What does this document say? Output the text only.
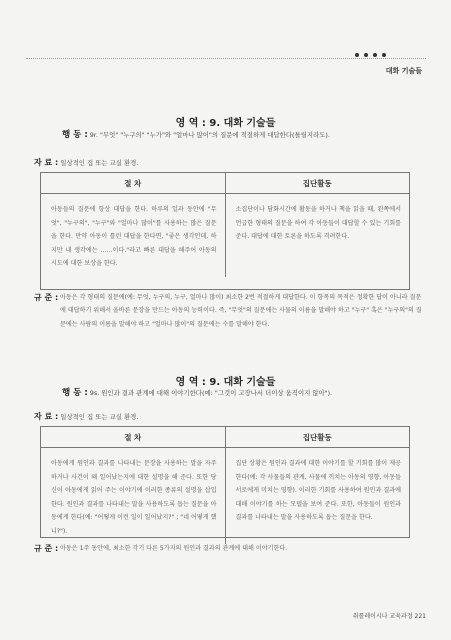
대화 기술들
영 역 : 9. 대화 기술들
행 동 : 9r. "무엇" "누구의" "누가"와 "얼마나 많이"의 질문에 적절하게 대답한다(틀릴지라도).
자 료 : 일상적인 집 또는 교실 환경.
절 차	집단활동
아동들의 질문에 항상 대답을 한다. 하루의 일과 동안에 "무엇", "누구의", "누구"와 "얼마나 많이"를 사용하는 많은 질문을 한다. 만약 아동이 틀린 대답을 한다면, "좋은 생각인데, 하지만 내 생각에는 ……이다."라고 빠른 대답을 해주어 아동의 시도에 대한 보상을 한다.
소집단이나 담화시간에 활동을 하거나 책을 읽을 때, 왼쪽에서 언급한 형태의 질문을 하여 각 아동들이 대답할 수 있는 기회를 준다. 대답에 대한 토론을 하도록 격려한다.
규 준 : 아동은 각 형태의 질문에(예: 무엇, 누구의, 누구, 얼마나 많이) 최소한 2번 적절하게 대답한다. 이 항목의 목적은 정확한 답이 아니라 질문에 대답하기 위해서 올바른 문장을 만드는 아동의 능력이다. 즉, "무엇"의 질문에는 사물의 이름을 말해야 하고 "누구" 혹은 "누구의"의 질문에는 사람의 이름을 말해야 하고 "얼마나 많이"의 질문에는 수를 말해야 한다.
영 역 : 9. 대화 기술들
행 동 : 9s. 원인과 결과 관계에 대해 이야기한다(예: "그것이 고장나서 더이상 움직이지 않아").
자 료 : 일상적인 집 또는 교실 환경.
절 차	집단활동
아동에게 원인과 결과를 나타내는 문장을 사용하는 말을 자주 하거나 사건이 왜 일어났는지에 대한 설명을 해 준다. 또한 당신이 아동에게 읽어 주는 이야기에 이러한 종류의 설명을 삽입한다. 원인과 결과를 나타내는 말을 사용하도록 돕는 질문을 아동에게 한다(예: "어떻게 이런 일이 일어났지?" ; "네 어떻게 했니?").
집단 상황은 원인과 결과에 대한 이야기를 할 기회를 많이 제공한다(예: 각 사물들의 관계, 사물에 끼치는 아동의 영향, 아동들 서로에게 미치는 영향). 이러한 기회를 사용하여 원인과 결과에 대해 이야기를 하는 모델을 보여 준다. 또한, 아동들이 원인과 결과를 나타내는 말을 사용하도록 돕는 질문을 한다.
규 준 : 아동은 1주 동안에, 최소한 각기 다른 5가지의 원인과 결과의 관계에 대해 이야기한다.
취롤레이시나 교육과정 221
